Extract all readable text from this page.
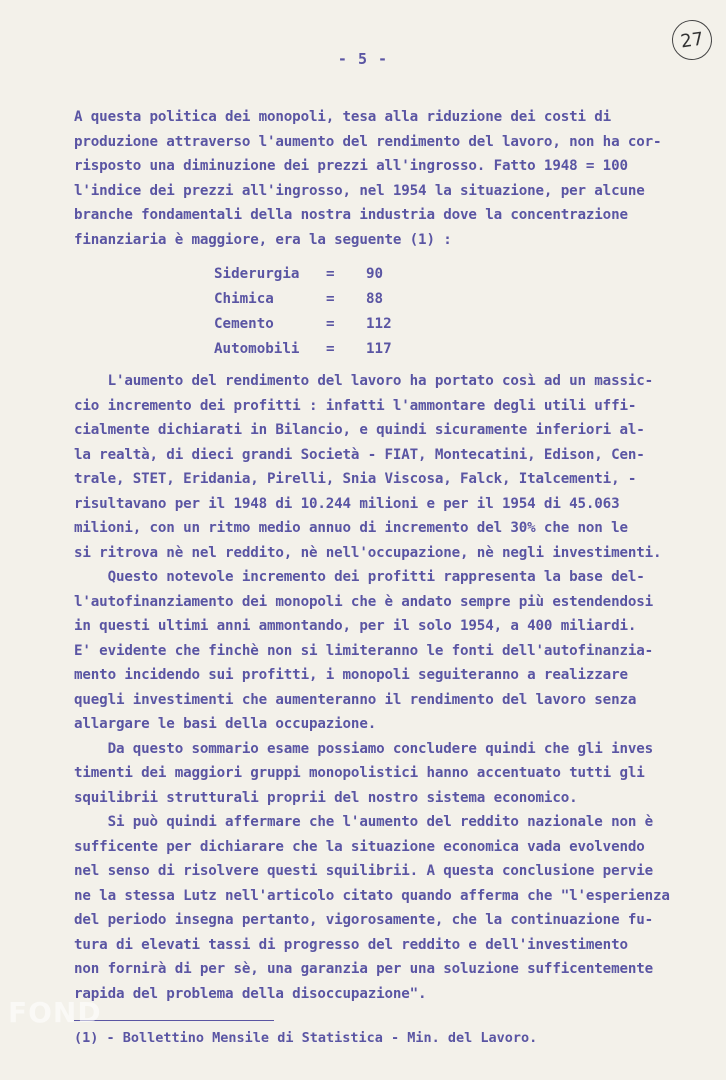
27
- 5 -
A questa politica dei monopoli, tesa alla riduzione dei costi di
produzione attraverso l'aumento del rendimento del lavoro, non ha cor-
risposto una diminuzione dei prezzi all'ingrosso. Fatto 1948 = 100
l'indice dei prezzi all'ingrosso, nel 1954 la situazione, per alcune
branche fondamentali della nostra industria dove la concentrazione
finanziaria è maggiore, era la seguente (1) :
Siderurgia	=	90
Chimica	=	88
Cemento	=	112
Automobili	=	117
L'aumento del rendimento del lavoro ha portato così ad un massic-
cio incremento dei profitti : infatti l'ammontare degli utili uffi-
cialmente dichiarati in Bilancio, e quindi sicuramente inferiori al-
la realtà, di dieci grandi Società - FIAT, Montecatini, Edison, Cen-
trale, STET, Eridania, Pirelli, Snia Viscosa, Falck, Italcementi, -
risultavano per il 1948 di 10.244 milioni e per il 1954 di 45.063
milioni, con un ritmo medio annuo di incremento del 30% che non le
si ritrova nè nel reddito, nè nell'occupazione, nè negli investimenti.
Questo notevole incremento dei profitti rappresenta la base del-
l'autofinanziamento dei monopoli che è andato sempre più estendendosi
in questi ultimi anni ammontando, per il solo 1954, a 400 miliardi.
E' evidente che finchè non si limiteranno le fonti dell'autofinanzia-
mento incidendo sui profitti, i monopoli seguiteranno a realizzare
quegli investimenti che aumenteranno il rendimento del lavoro senza
allargare le basi della occupazione.
Da questo sommario esame possiamo concludere quindi che gli inves
timenti dei maggiori gruppi monopolistici hanno accentuato tutti gli
squilibrii strutturali proprii del nostro sistema economico.
Si può quindi affermare che l'aumento del reddito nazionale non è
sufficente per dichiarare che la situazione economica vada evolvendo
nel senso di risolvere questi squilibrii. A questa conclusione pervie
ne la stessa Lutz nell'articolo citato quando afferma che "l'esperienza
del periodo insegna pertanto, vigorosamente, che la continuazione fu-
tura di elevati tassi di progresso del reddito e dell'investimento
non fornirà di per sè, una garanzia per una soluzione sufficentemente
rapida del problema della disoccupazione".
(1) - Bollettino Mensile di Statistica - Min. del Lavoro.
FOND
